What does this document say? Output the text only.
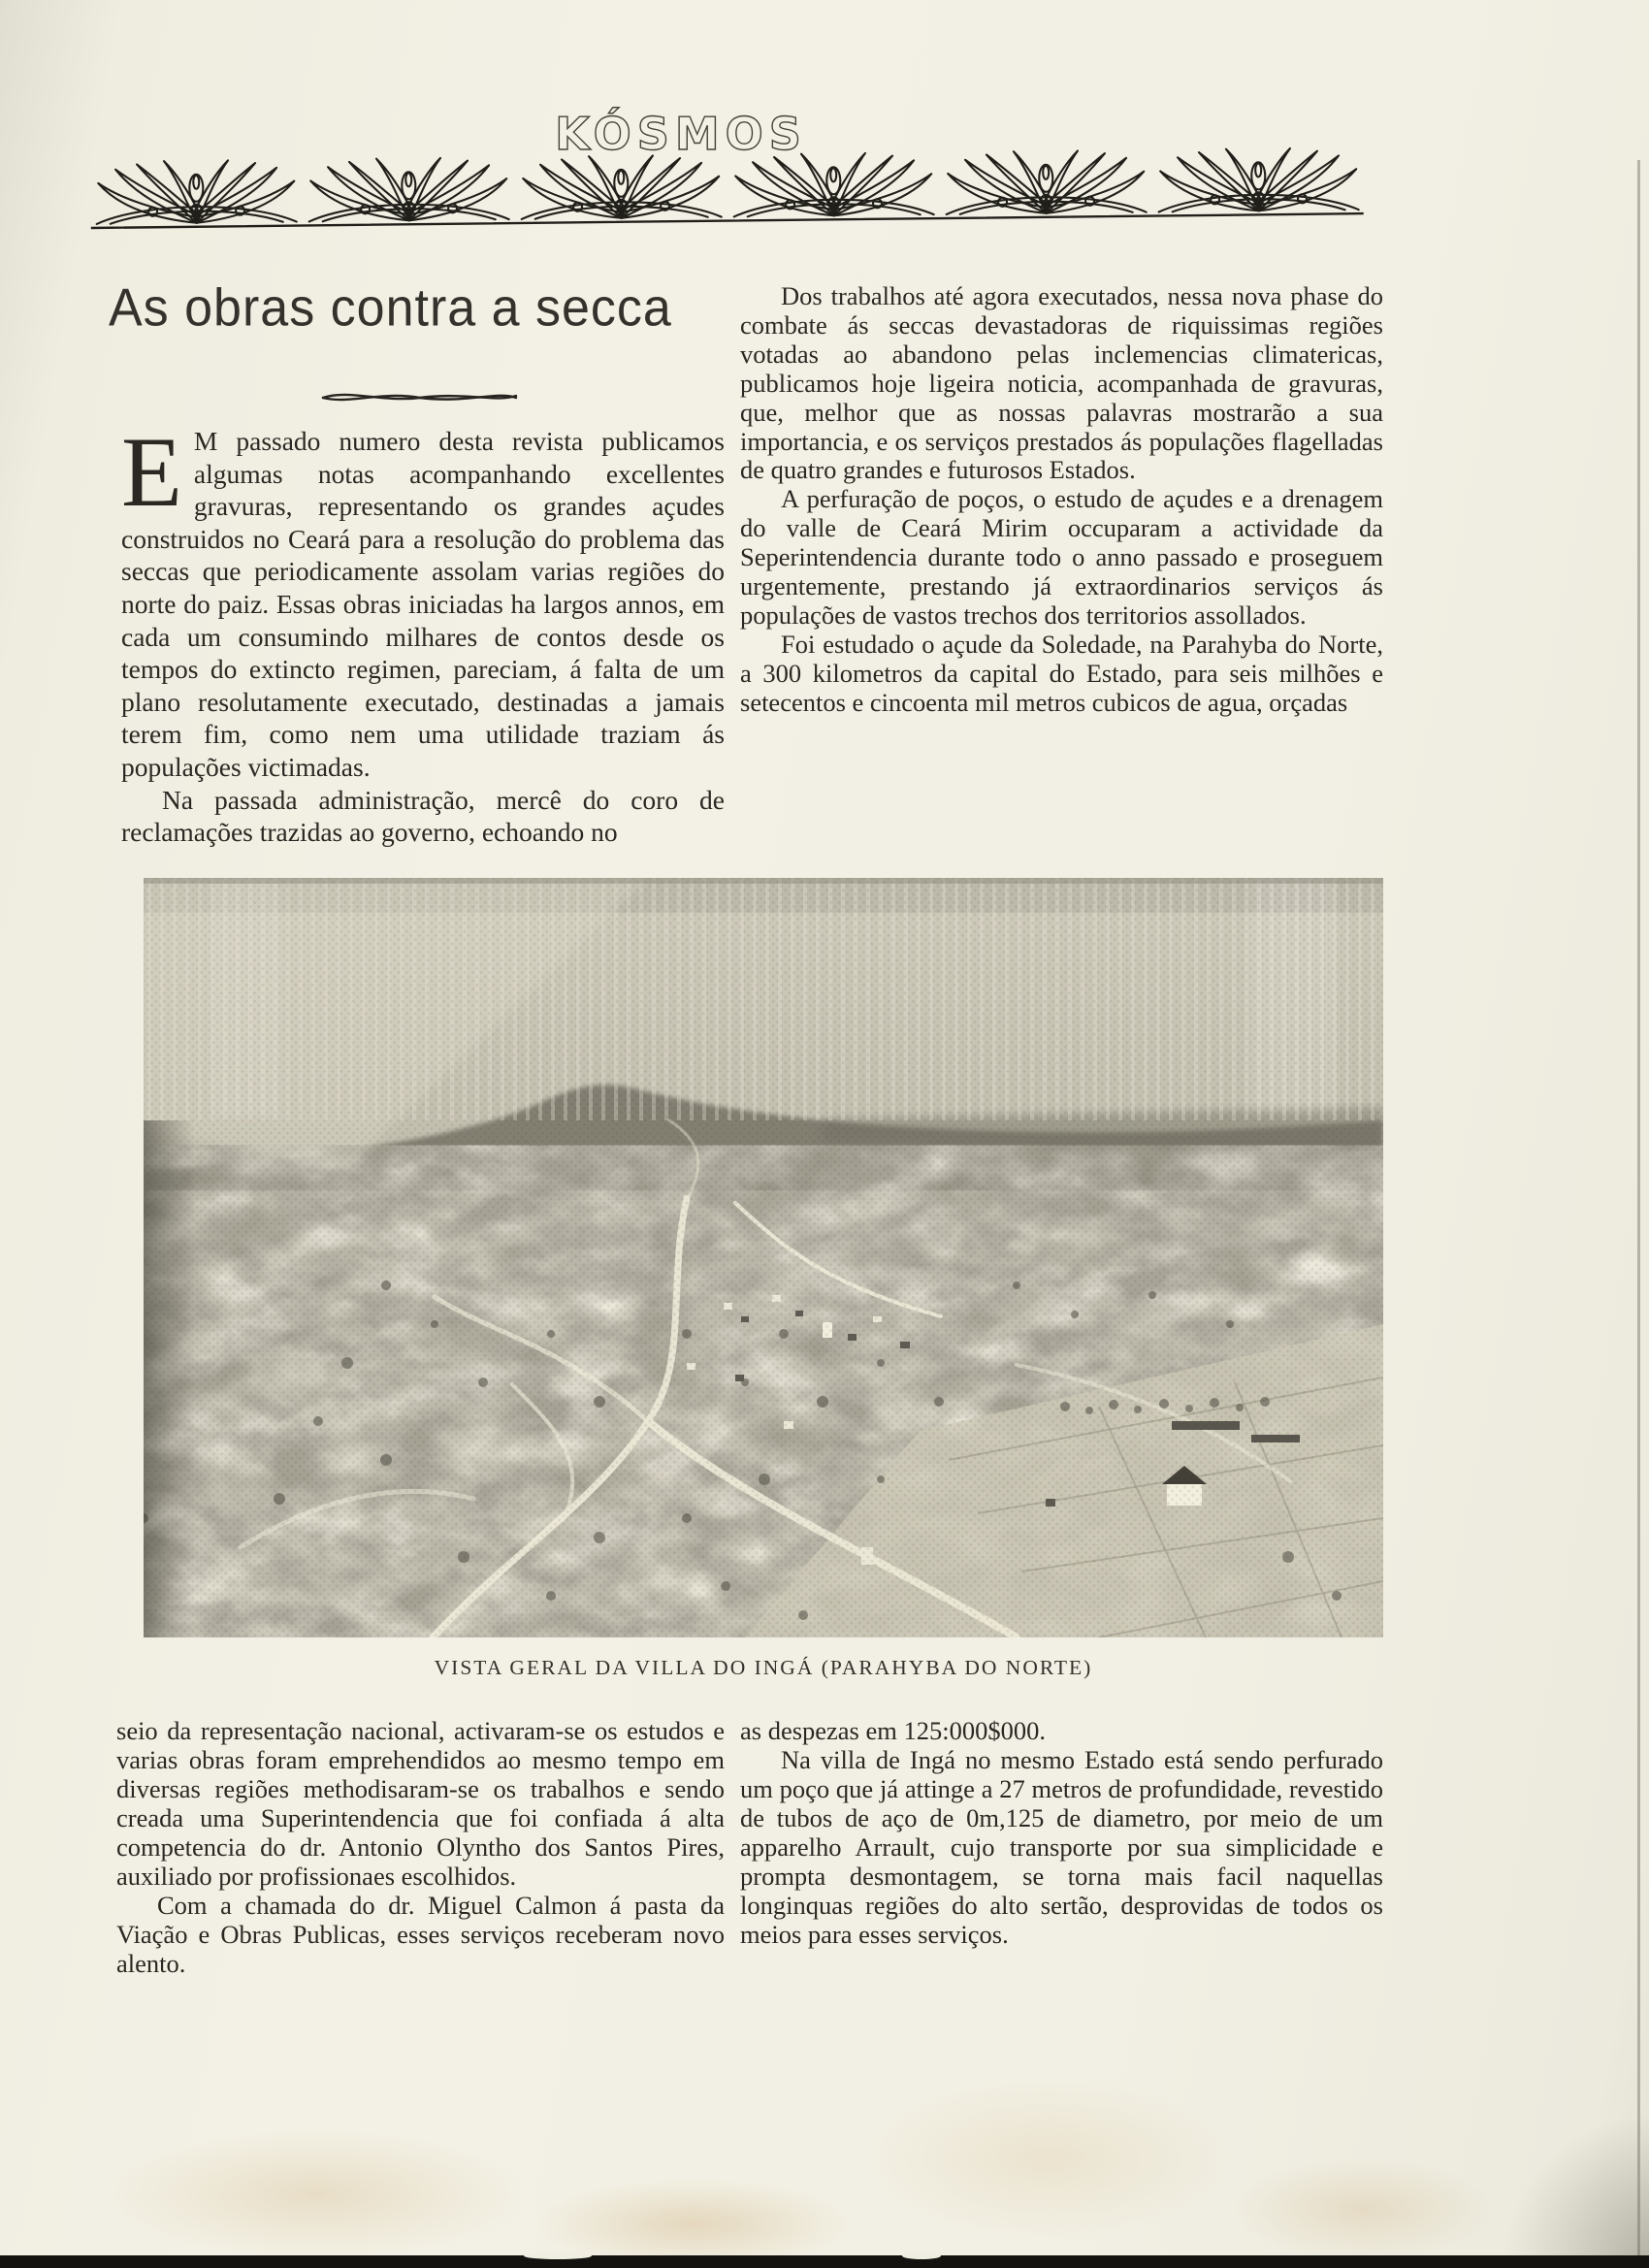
KÓSMOS
As obras contra a secca

E M passado numero desta revista publicamos algumas notas acompanhando excellentes gravuras, representando os grandes açudes construidos no Ceará para a resolução do problema das seccas que periodicamente assolam varias regiões do norte do paiz. Essas obras iniciadas ha largos annos, em cada um consumindo milhares de contos desde os tempos do extincto regimen, pareciam, á falta de um plano resolutamente executado, destinadas a jamais terem fim, como nem uma utilidade traziam ás populações victimadas.

Na passada administração, mercê do coro de reclamações trazidas ao governo, echoando no

Dos trabalhos até agora executados, nessa nova phase do combate ás seccas devastadoras de riquissimas regiões votadas ao abandono pelas inclemencias climatericas, publicamos hoje ligeira noticia, acompanhada de gravuras, que, melhor que as nossas palavras mostrarão a sua importancia, e os serviços prestados ás populações flagelladas de quatro grandes e futurosos Estados.

A perfuração de poços, o estudo de açudes e a drenagem do valle de Ceará Mirim occuparam a actividade da Seperintendencia durante todo o anno passado e proseguem urgentemente, prestando já extraordinarios serviços ás populações de vastos trechos dos territorios assollados.

Foi estudado o açude da Soledade, na Parahyba do Norte, a 300 kilometros da capital do Estado, para seis milhões e setecentos e cincoenta mil metros cubicos de agua, orçadas

VISTA GERAL DA VILLA DO INGÁ (PARAHYBA DO NORTE)

seio da representação nacional, activaram-se os estudos e varias obras foram emprehendidos ao mesmo tempo em diversas regiões methodisaram-se os trabalhos e sendo creada uma Superintendencia que foi confiada á alta competencia do dr. Antonio Olyntho dos Santos Pires, auxiliado por profissionaes escolhidos.

Com a chamada do dr. Miguel Calmon á pasta da Viação e Obras Publicas, esses serviços receberam novo alento.

as despezas em 125:000$000.

Na villa de Ingá no mesmo Estado está sendo perfurado um poço que já attinge a 27 metros de profundidade, revestido de tubos de aço de 0m,125 de diametro, por meio de um apparelho Arrault, cujo transporte por sua simplicidade e prompta desmontagem, se torna mais facil naquellas longinquas regiões do alto sertão, desprovidas de todos os meios para esses serviços.
